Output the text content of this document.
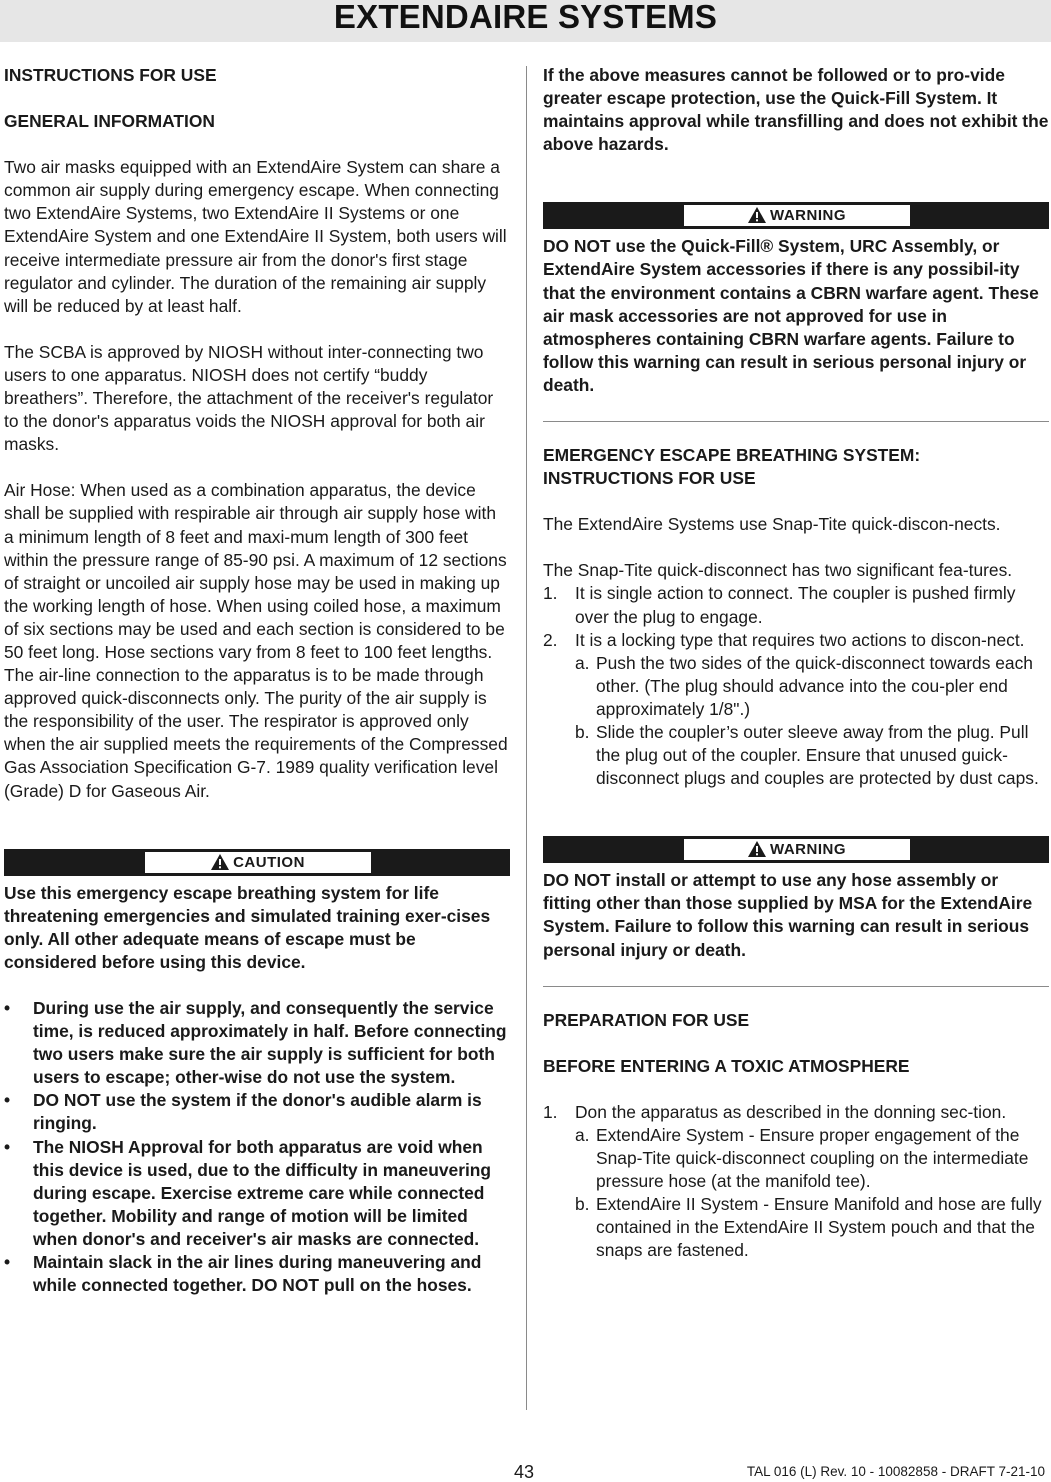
EXTENDAIRE SYSTEMS

INSTRUCTIONS FOR USE

GENERAL INFORMATION

Two air masks equipped with an ExtendAire System can share a common air supply during emergency escape. When connecting two ExtendAire Systems, two ExtendAire II Systems or one ExtendAire System and one ExtendAire II System, both users will receive intermediate pressure air from the donor's first stage regulator and cylinder. The duration of the remaining air supply will be reduced by at least half.

The SCBA is approved by NIOSH without inter-connecting two users to one apparatus. NIOSH does not certify “buddy breathers”. Therefore, the attachment of the receiver's regulator to the donor's apparatus voids the NIOSH approval for both air masks.

Air Hose: When used as a combination apparatus, the device shall be supplied with respirable air through air supply hose with a minimum length of 8 feet and maxi-mum length of 300 feet within the pressure range of 85-90 psi. A maximum of 12 sections of straight or uncoiled air supply hose may be used in making up the working length of hose. When using coiled hose, a maximum of six sections may be used and each section is considered to be 50 feet long. Hose sections vary from 8 feet to 100 feet lengths. The air-line connection to the apparatus is to be made through approved quick-disconnects only. The purity of the air supply is the responsibility of the user. The respirator is approved only when the air supplied meets the requirements of the Compressed Gas Association Specification G-7. 1989 quality verification level (Grade) D for Gaseous Air.

CAUTION

Use this emergency escape breathing system for life threatening emergencies and simulated training exer-cises only. All other adequate means of escape must be considered before using this device.

• During use the air supply, and consequently the service time, is reduced approximately in half. Before connecting two users make sure the air supply is sufficient for both users to escape; other-wise do not use the system.
• DO NOT use the system if the donor's audible alarm is ringing.
• The NIOSH Approval for both apparatus are void when this device is used, due to the difficulty in maneuvering during escape. Exercise extreme care while connected together. Mobility and range of motion will be limited when donor's and receiver's air masks are connected.
• Maintain slack in the air lines during maneuvering and while connected together. DO NOT pull on the hoses.

If the above measures cannot be followed or to pro-vide greater escape protection, use the Quick-Fill System. It maintains approval while transfilling and does not exhibit the above hazards.

WARNING

DO NOT use the Quick-Fill® System, URC Assembly, or ExtendAire System accessories if there is any possibil-ity that the environment contains a CBRN warfare agent. These air mask accessories are not approved for use in atmospheres containing CBRN warfare agents. Failure to follow this warning can result in serious personal injury or death.

EMERGENCY ESCAPE BREATHING SYSTEM:

INSTRUCTIONS FOR USE

The ExtendAire Systems use Snap-Tite quick-discon-nects.

The Snap-Tite quick-disconnect has two significant fea-tures.

1. It is single action to connect. The coupler is pushed firmly over the plug to engage.
2. It is a locking type that requires two actions to discon-nect.
a. Push the two sides of the quick-disconnect towards each other. (The plug should advance into the cou-pler end approximately 1/8".)
b. Slide the coupler’s outer sleeve away from the plug. Pull the plug out of the coupler. Ensure that unused guick-disconnect plugs and couples are protected by dust caps.
WARNING

DO NOT install or attempt to use any hose assembly or fitting other than those supplied by MSA for the ExtendAire System. Failure to follow this warning can result in serious personal injury or death.

PREPARATION FOR USE

BEFORE ENTERING A TOXIC ATMOSPHERE

1. Don the apparatus as described in the donning sec-tion.
a. ExtendAire System - Ensure proper engagement of the Snap-Tite quick-disconnect coupling on the intermediate pressure hose (at the manifold tee).
b. ExtendAire II System - Ensure Manifold and hose are fully contained in the ExtendAire II System pouch and that the snaps are fastened.
43	TAL 016 (L) Rev. 10 - 10082858 - DRAFT 7-21-10
